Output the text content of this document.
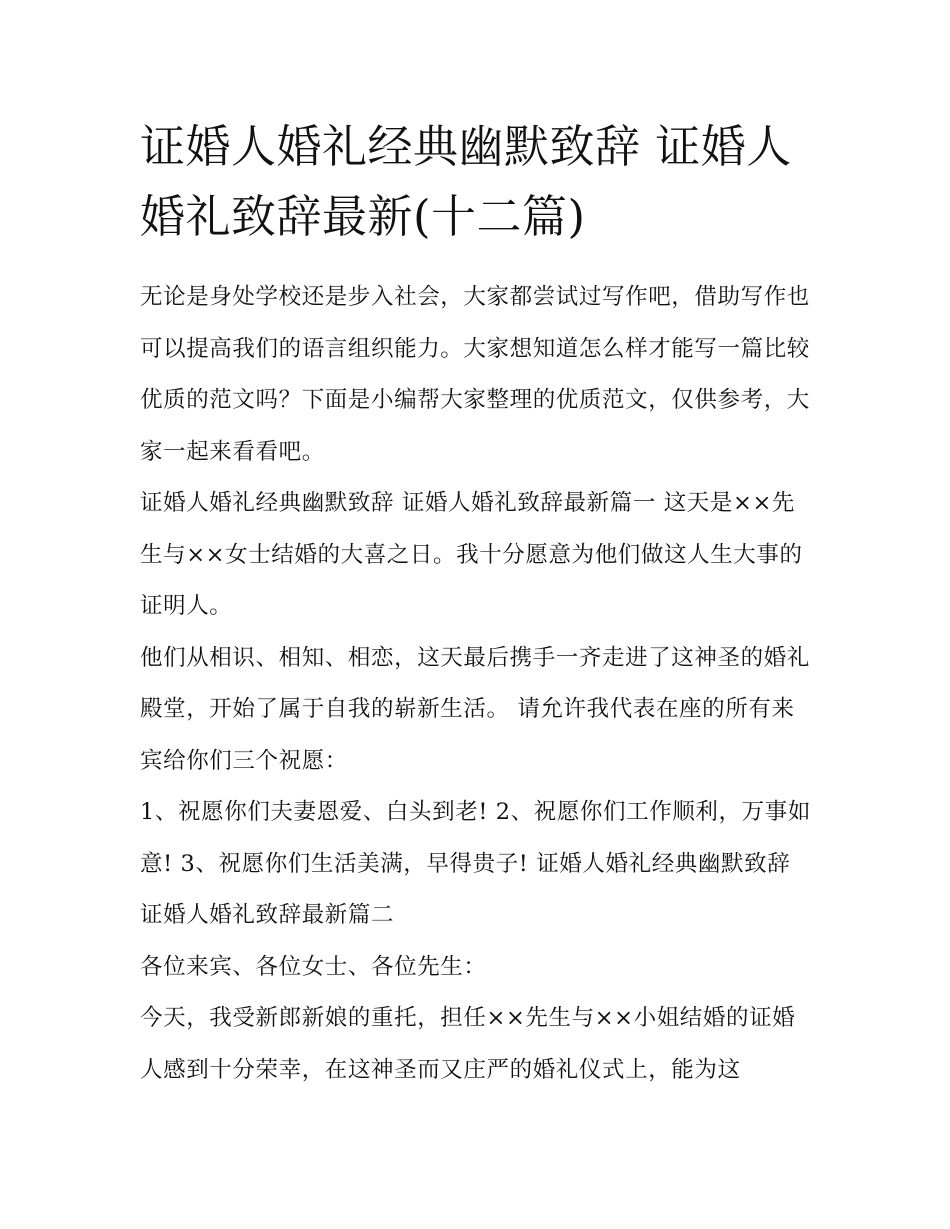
证婚人婚礼经典幽默致辞 证婚人婚礼致辞最新(十二篇)

无论是身处学校还是步入社会，大家都尝试过写作吧，借助写作也可以提高我们的语言组织能力。大家想知道怎么样才能写一篇比较优质的范文吗？下面是小编帮大家整理的优质范文，仅供参考，大家一起来看看吧。

证婚人婚礼经典幽默致辞 证婚人婚礼致辞最新篇一 这天是××先生与××女士结婚的大喜之日。我十分愿意为他们做这人生大事的证明人。

他们从相识、相知、相恋，这天最后携手一齐走进了这神圣的婚礼殿堂，开始了属于自我的崭新生活。 请允许我代表在座的所有来宾给你们三个祝愿：

1、祝愿你们夫妻恩爱、白头到老! 2、祝愿你们工作顺利，万事如意! 3、祝愿你们生活美满，早得贵子! 证婚人婚礼经典幽默致辞 证婚人婚礼致辞最新篇二

各位来宾、各位女士、各位先生：

今天，我受新郎新娘的重托，担任××先生与××小姐结婚的证婚人感到十分荣幸，在这神圣而又庄严的婚礼仪式上，能为这
